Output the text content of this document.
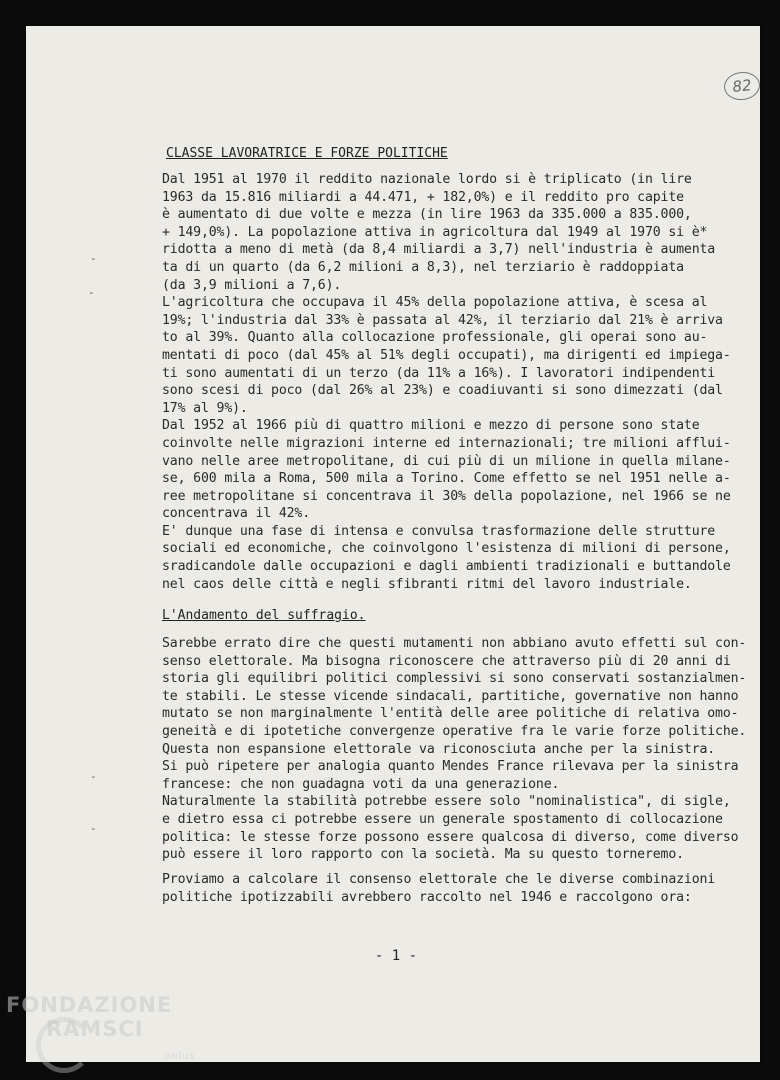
82
CLASSE LAVORATRICE E FORZE POLITICHE
Dal 1951 al 1970 il reddito nazionale lordo si è triplicato (in lire
1963 da 15.816 miliardi a 44.471, + 182,0%) e il reddito pro capite
è aumentato di due volte e mezza (in lire 1963 da 335.000 a 835.000,
+ 149,0%). La popolazione attiva in agricoltura dal 1949 al 1970 si è*
ridotta a meno di metà (da 8,4 miliardi a 3,7) nell'industria è aumenta
ta di un quarto (da 6,2 milioni a 8,3), nel terziario è raddoppiata
(da 3,9 milioni a 7,6).
L'agricoltura che occupava il 45% della popolazione attiva, è scesa al
19%; l'industria dal 33% è passata al 42%, il terziario dal 21% è arriva
to al 39%. Quanto alla collocazione professionale, gli operai sono au-
mentati di poco (dal 45% al 51% degli occupati), ma dirigenti ed impiega-
ti sono aumentati di un terzo (da 11% a 16%). I lavoratori indipendenti
sono scesi di poco (dal 26% al 23%) e coadiuvanti si sono dimezzati (dal
17% al 9%).
Dal 1952 al 1966 più di quattro milioni e mezzo di persone sono state
coinvolte nelle migrazioni interne ed internazionali; tre milioni afflui-
vano nelle aree metropolitane, di cui più di un milione in quella milane-
se, 600 mila a Roma, 500 mila a Torino. Come effetto se nel 1951 nelle a-
ree metropolitane si concentrava il 30% della popolazione, nel 1966 se ne
concentrava il 42%.
E' dunque una fase di intensa e convulsa trasformazione delle strutture
sociali ed economiche, che coinvolgono l'esistenza di milioni di persone,
sradicandole dalle occupazioni e dagli ambienti tradizionali e buttandole
nel caos delle città e negli sfibranti ritmi del lavoro industriale.
L'Andamento del suffragio.
Sarebbe errato dire che questi mutamenti non abbiano avuto effetti sul con-
senso elettorale. Ma bisogna riconoscere che attraverso più di 20 anni di
storia gli equilibri politici complessivi si sono conservati sostanzialmen-
te stabili. Le stesse vicende sindacali, partitiche, governative non hanno
mutato se non marginalmente l'entità delle aree politiche di relativa omo-
geneità e di ipotetiche convergenze operative fra le varie forze politiche.
Questa non espansione elettorale va riconosciuta anche per la sinistra.
Si può ripetere per analogia quanto Mendes France rilevava per la sinistra
francese: che non guadagna voti da una generazione.
Naturalmente la stabilità potrebbe essere solo "nominalistica", di sigle,
e dietro essa ci potrebbe essere un generale spostamento di collocazione
politica: le stesse forze possono essere qualcosa di diverso, come diverso
può essere il loro rapporto con la società. Ma su questo torneremo.
Proviamo a calcolare il consenso elettorale che le diverse combinazioni
politiche ipotizzabili avrebbero raccolto nel 1946 e raccolgono ora:
- 1 -
-
-
-
-
FONDAZIONE
RAMSCI
onlus
